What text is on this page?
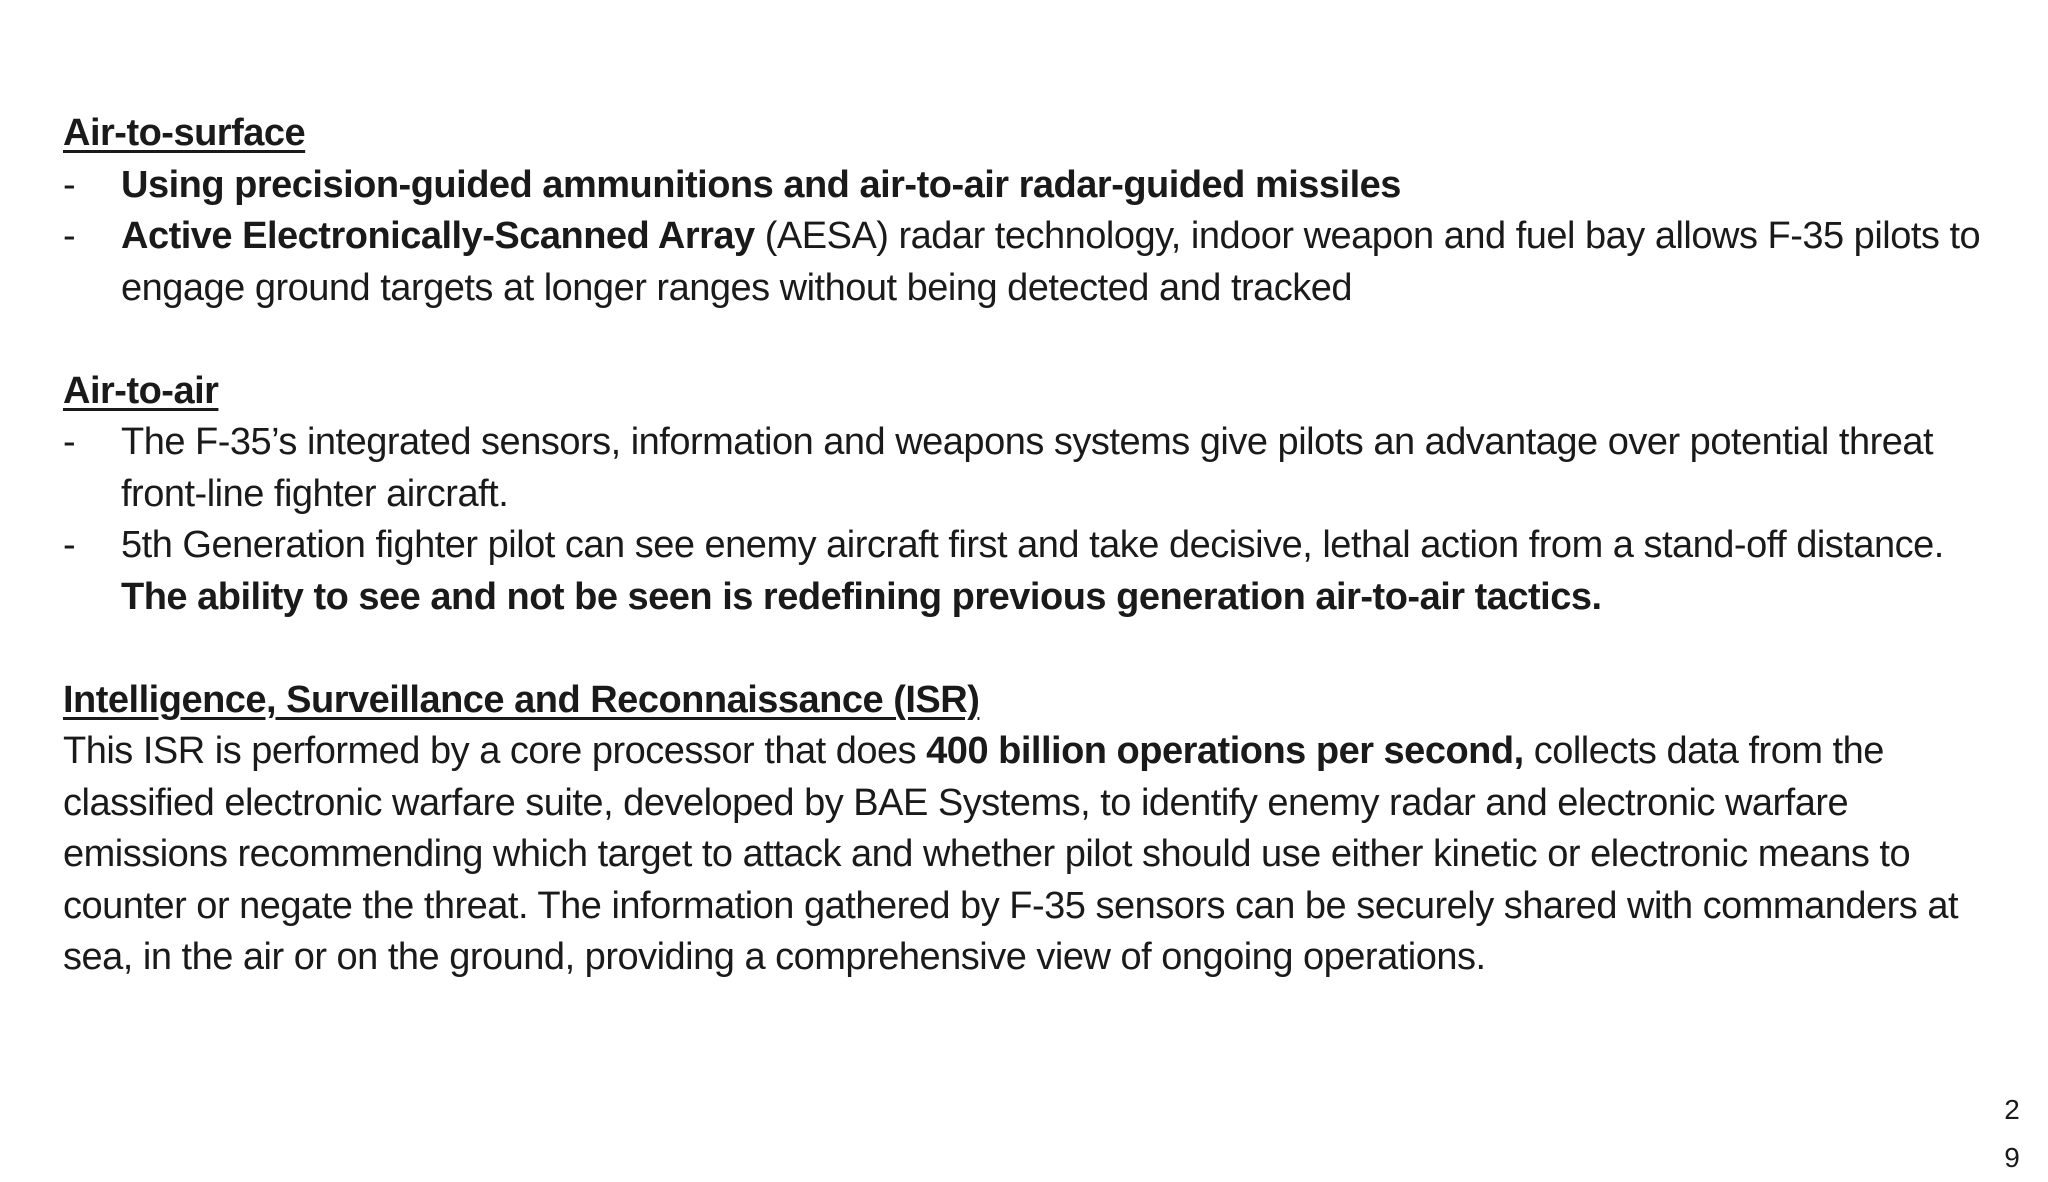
Air-to-surface
-	Using precision-guided ammunitions and air-to-air radar-guided missiles
-	Active Electronically-Scanned Array (AESA) radar technology, indoor weapon and fuel bay allows F-35 pilots to engage ground targets at longer ranges without being detected and tracked
Air-to-air
-	The F-35’s integrated sensors, information and weapons systems give pilots an advantage over potential threat front-line fighter aircraft.
-	5th Generation fighter pilot can see enemy aircraft first and take decisive, lethal action from a stand-off distance. The ability to see and not be seen is redefining previous generation air-to-air tactics.
Intelligence, Surveillance and Reconnaissance (ISR)

This ISR is performed by a core processor that does 400 billion operations per second, collects data from the classified electronic warfare suite, developed by BAE Systems, to identify enemy radar and electronic warfare emissions recommending which target to attack and whether pilot should use either kinetic or electronic means to counter or negate the threat. The information gathered by F-35 sensors can be securely shared with commanders at sea, in the air or on the ground, providing a comprehensive view of ongoing operations.

29
